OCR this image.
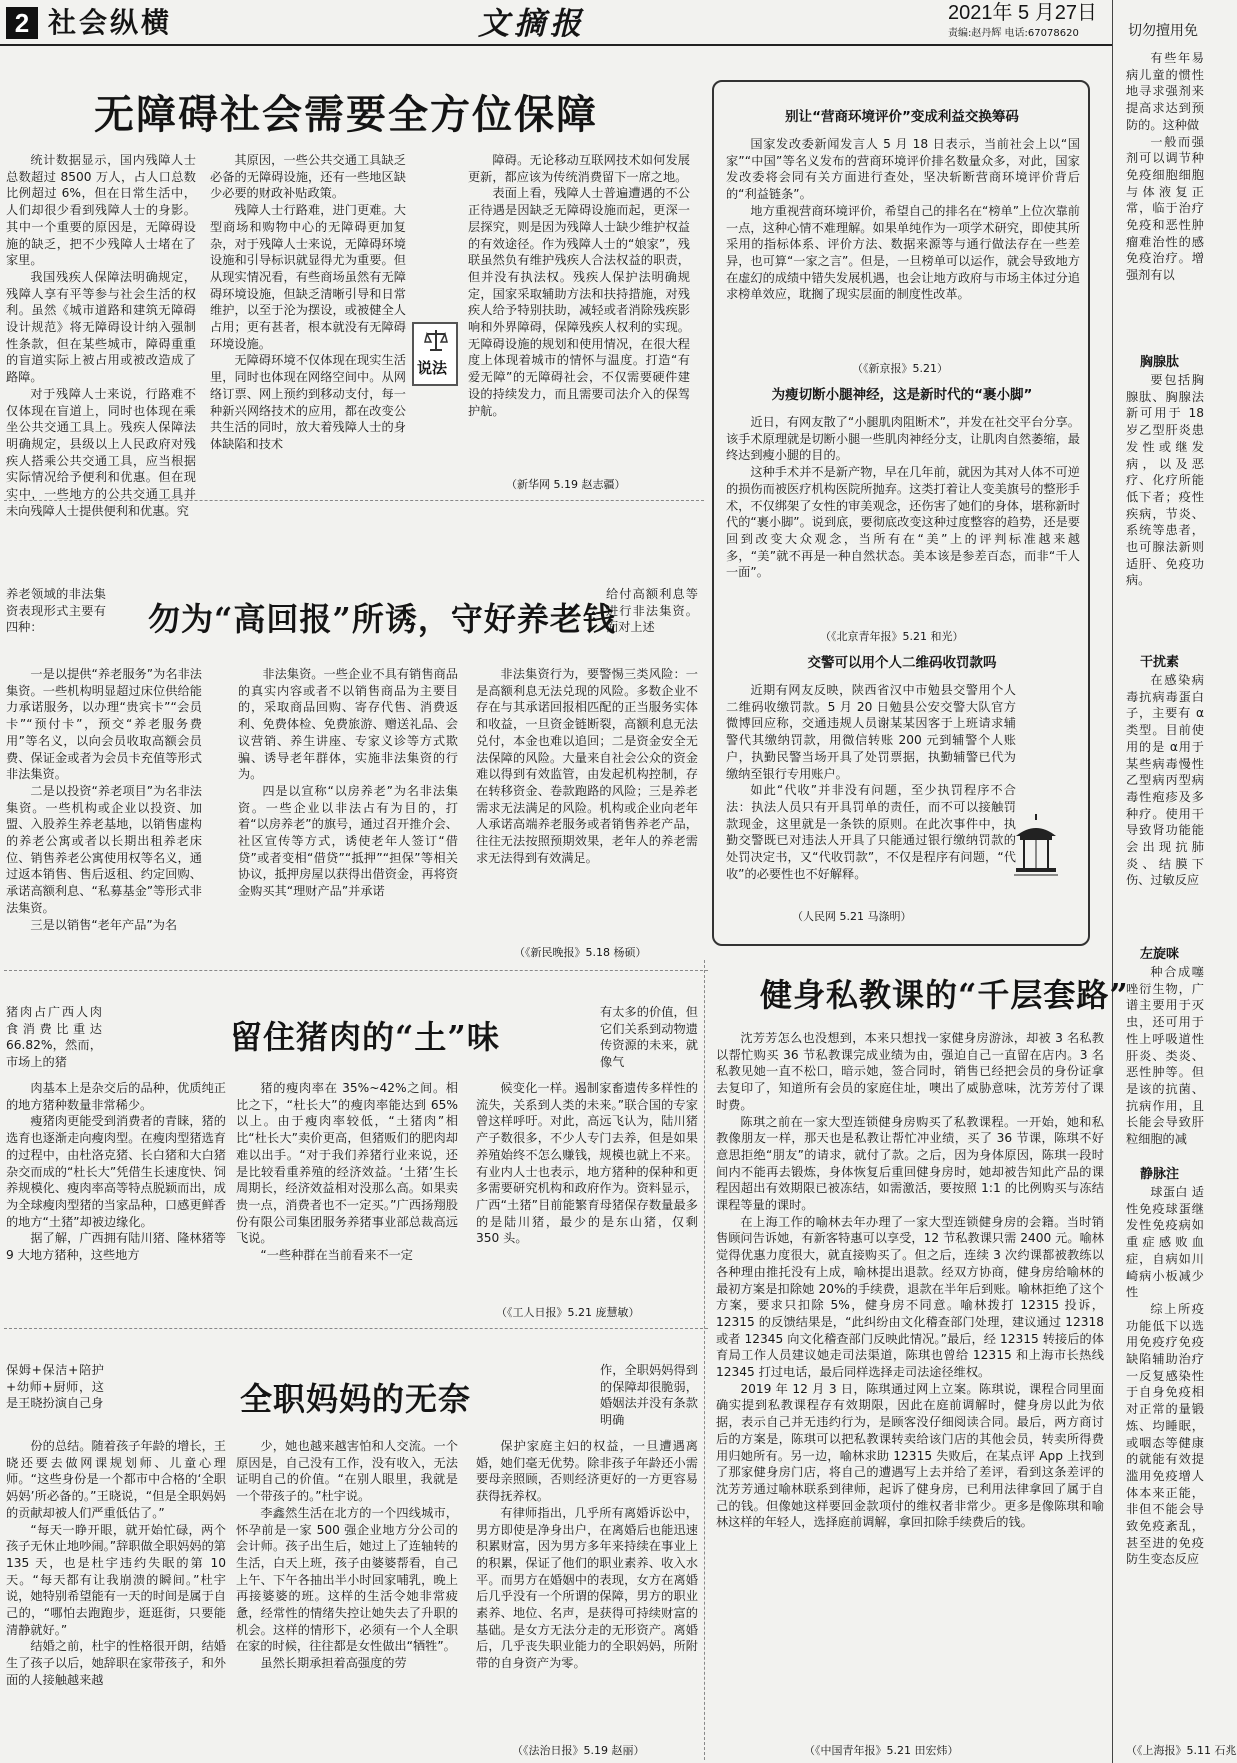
2 社会纵横	文摘报	2021年 5 月27日
责编:赵丹辉 电话:67078620
无障碍社会需要全方位保障

统计数据显示，国内残障人士总数超过 8500 万人，占人口总数比例超过 6%，但在日常生活中，人们却很少看到残障人士的身影。其中一个重要的原因是，无障碍设施的缺乏，把不少残障人士堵在了家里。

我国残疾人保障法明确规定，残障人享有平等参与社会生活的权利。虽然《城市道路和建筑无障碍设计规范》将无障碍设计纳入强制性条款，但在某些城市，障碍重重的盲道实际上被占用或被改造成了路障。

对于残障人士来说，行路难不仅体现在盲道上，同时也体现在乘坐公共交通工具上。残疾人保障法明确规定，县级以上人民政府对残疾人搭乘公共交通工具，应当根据实际情况给予便利和优惠。但在现实中，一些地方的公共交通工具并未向残障人士提供便利和优惠。究

其原因，一些公共交通工具缺乏必备的无障碍设施，还有一些地区缺少必要的财政补贴政策。

残障人士行路难，进门更难。大型商场和购物中心的无障碍更加复杂，对于残障人士来说，无障碍环境设施和引导标识就显得尤为重要。但从现实情况看，有些商场虽然有无障碍环境设施，但缺乏清晰引导和日常维护，以至于沦为摆设，或被健全人占用；更有甚者，根本就没有无障碍环境设施。

无障碍环境不仅体现在现实生活里，同时也体现在网络空间中。从网络订票、网上预约到移动支付，每一种新兴网络技术的应用，都在改变公共生活的同时，放大着残障人士的身体缺陷和技术

障碍。无论移动互联网技术如何发展更新，都应该为传统消费留下一席之地。

表面上看，残障人士普遍遭遇的不公正待遇是因缺乏无障碍设施而起，更深一层探究，则是因为残障人士缺少维护权益的有效途径。作为残障人士的“娘家”，残联虽然负有维护残疾人合法权益的职责，但并没有执法权。残疾人保护法明确规定，国家采取辅助方法和扶持措施，对残疾人给予特别扶助，减轻或者消除残疾影响和外界障碍，保障残疾人权利的实现。无障碍设施的规划和使用情况，在很大程度上体现着城市的情怀与温度。打造“有爱无障”的无障碍社会，不仅需要硬件建设的持续发力，而且需要司法介入的保驾护航。

（新华网 5.19 赵志疆）
说法
养老领域的非法集资表现形式主要有四种：	勿为“高回报”所诱，守好养老钱
给付高额利息等进行非法集资。面对上述

一是以提供“养老服务”为名非法集资。一些机构明显超过床位供给能力承诺服务，以办理“贵宾卡”“会员卡”“预付卡”，预交“养老服务费用”等名义，以向会员收取高额会员费、保证金或者为会员卡充值等形式非法集资。

二是以投资“养老项目”为名非法集资。一些机构或企业以投资、加盟、入股养生养老基地，以销售虚构的养老公寓或者以长期出租养老床位、销售养老公寓使用权等名义，通过返本销售、售后返租、约定回购、承诺高额利息、“私募基金”等形式非法集资。

三是以销售“老年产品”为名

非法集资。一些企业不具有销售商品的真实内容或者不以销售商品为主要目的，采取商品回购、寄存代售、消费返利、免费体检、免费旅游、赠送礼品、会议营销、养生讲座、专家义诊等方式欺骗、诱导老年群体，实施非法集资的行为。

四是以宣称“以房养老”为名非法集资。一些企业以非法占有为目的，打着“以房养老”的旗号，通过召开推介会、社区宣传等方式，诱使老年人签订“借贷”或者变相“借贷”“抵押”“担保”等相关协议，抵押房屋以获得出借资金，再将资金购买其“理财产品”并承诺

非法集资行为，要警惕三类风险：一是高额利息无法兑现的风险。多数企业不存在与其承诺回报相匹配的正当服务实体和收益，一旦资金链断裂，高额利息无法兑付，本金也难以追回；二是资金安全无法保障的风险。大量来自社会公众的资金难以得到有效监管，由发起机构控制，存在转移资金、卷款跑路的风险；三是养老需求无法满足的风险。机构或企业向老年人承诺高端养老服务或者销售养老产品，往往无法按照预期效果，老年人的养老需求无法得到有效满足。

（《新民晚报》5.18 杨硕）
猪肉占广西人肉食消费比重达66.82%，然而，市场上的猪
留住猪肉的“土”味
有太多的价值，但它们关系到动物遗传资源的未来，就像气

肉基本上是杂交后的品种，优质纯正的地方猪种数量非常稀少。

瘦猪肉更能受到消费者的青睐，猪的选育也逐渐走向瘦肉型。在瘦肉型猪选育的过程中，由杜洛克猪、长白猪和大白猪杂交而成的“杜长大”凭借生长速度快、饲养规模化、瘦肉率高等特点脱颖而出，成为全球瘦肉型猪的当家品种，口感更鲜香的地方“土猪”却被边缘化。

据了解，广西拥有陆川猪、隆林猪等 9 大地方猪种，这些地方

猪的瘦肉率在 35%~42%之间。相比之下，“杜长大”的瘦肉率能达到 65%以上。由于瘦肉率较低，“土猪肉”相比“杜长大”卖价更高，但猪贩们的肥肉却难以出手。“对于我们养猪行业来说，还是比较看重养殖的经济效益。‘土猪’生长周期长，经济效益相对没那么高。如果卖贵一点，消费者也不一定买。”广西扬翔股份有限公司集团服务养猪事业部总裁高远飞说。

“一些种群在当前看来不一定

候变化一样。遏制家畜遗传多样性的流失，关系到人类的未来。”联合国的专家曾这样呼吁。对此，高远飞认为，陆川猪产子数很多，不少人专门去养，但是如果养殖始终不怎么赚钱，规模也就上不来。有业内人士也表示，地方猪种的保种和更多需要研究机构和政府作为。资料显示，广西“土猪”目前能繁育母猪保存数量最多的是陆川猪，最少的是东山猪，仅剩 350 头。

（《工人日报》5.21 庞慧敏）
保姆+保洁+陪护+幼师+厨师，这是王晓扮演自己身	全职妈妈的无奈
作，全职妈妈得到的保障却很脆弱，婚姻法并没有条款明确

份的总结。随着孩子年龄的增长，王晓还要去做网课规划师、儿童心理师。“这些身份是一个都市中合格的‘全职妈妈’所必备的。”王晓说，“但是全职妈妈的贡献却被人们严重低估了。”

“每天一睁开眼，就开始忙碌，两个孩子无休止地吵闹。”辞职做全职妈妈的第 135 天，也是杜宇违约失眠的第 10 天。“每天都有让我崩溃的瞬间。”杜宇说，她特别希望能有一天的时间是属于自己的，“哪怕去跑跑步，逛逛街，只要能清静就好。”

结婚之前，杜宇的性格很开朗，结婚生了孩子以后，她辞职在家带孩子，和外面的人接触越来越

少，她也越来越害怕和人交流。一个原因是，自己没有工作，没有收入，无法证明自己的价值。“在别人眼里，我就是一个带孩子的。”杜宇说。

李鑫然生活在北方的一个四线城市，怀孕前是一家 500 强企业地方分公司的会计师。孩子出生后，她过上了连轴转的生活，白天上班，孩子由婆婆帮看，自己上午、下午各抽出半小时回家哺乳，晚上再接婆婆的班。这样的生活令她非常疲惫，经常性的情绪失控让她失去了升职的机会。这样的情形下，必须有一个人全职在家的时候，往往都是女性做出“牺牲”。

虽然长期承担着高强度的劳

保护家庭主妇的权益，一旦遭遇离婚，她们毫无优势。除非孩子年龄还小需要母亲照顾，否则经济更好的一方更容易获得抚养权。

有律师指出，几乎所有离婚诉讼中，男方即使是净身出户，在离婚后也能迅速积累财富，因为男方多年来持续在事业上的积累，保证了他们的职业素养、收入水平。而男方在婚姻中的表现，女方在离婚后几乎没有一个所谓的保障，男方的职业素养、地位、名声，是获得可持续财富的基础。是女方无法分走的无形资产。离婚后，几乎丧失职业能力的全职妈妈，所附带的自身资产为零。

（《法治日报》5.19 赵丽）
别让“营商环境评价”变成利益交换筹码

国家发改委新闻发言人 5 月 18 日表示，当前社会上以“国家”“中国”等名义发布的营商环境评价排名数量众多，对此，国家发改委将会同有关方面进行查处，坚决斩断营商环境评价背后的“利益链条”。

地方重视营商环境评价，希望自己的排名在“榜单”上位次靠前一点，这种心情不难理解。如果单纯作为一项学术研究，即使其所采用的指标体系、评价方法、数据来源等与通行做法存在一些差异，也可算“一家之言”。但是，一旦榜单可以运作，就会导致地方在虚幻的成绩中错失发展机遇，也会让地方政府与市场主体过分追求榜单效应，耽搁了现实层面的制度性改革。

（《新京报》5.21）
为瘦切断小腿神经，这是新时代的“裹小脚”

近日，有网友散了“小腿肌肉阻断术”，并发在社交平台分享。该手术原理就是切断小腿一些肌肉神经分支，让肌肉自然萎缩，最终达到瘦小腿的目的。

这种手术并不是新产物，早在几年前，就因为其对人体不可逆的损伤而被医疗机构医院所抛弃。这类打着让人变美旗号的整形手术，不仅绑架了女性的审美观念，还伤害了她们的身体，堪称新时代的“裹小脚”。说到底，要彻底改变这种过度整容的趋势，还是要回到改变大众观念，当所有在“美”上的评判标准越来越多，“美”就不再是一种自然状态。美本该是参差百态，而非“千人一面”。

（《北京青年报》5.21 和光）
交警可以用个人二维码收罚款吗

近期有网友反映，陕西省汉中市勉县交警用个人二维码收缴罚款。5 月 20 日勉县公安交警大队官方微博回应称，交通违规人员谢某某因客于上班请求辅警代其缴纳罚款，用微信转账 200 元到辅警个人账户，执勤民警当场开具了处罚票据，执勤辅警已代为缴纳至银行专用账户。

如此“代收”并非没有问题，至少执罚程序不合法：执法人员只有开具罚单的责任，而不可以接触罚款现金，这里就是一条铁的原则。在此次事件中，执勤交警既已对违法人开具了只能通过银行缴纳罚款的处罚决定书，又“代收罚款”，不仅是程序有问题，“代收”的必要性也不好解释。

（人民网 5.21 马涤明）
健身私教课的“千层套路”

沈芳芳怎么也没想到，本来只想找一家健身房游泳，却被 3 名私教以帮忙购买 36 节私教课完成业绩为由，强迫自己一直留在店内。3 名私教见她一直不松口，暗示她，签合同时，销售已经把会员的身份证拿去复印了，知道所有会员的家庭住址，噢出了威胁意味，沈芳芳付了课时费。

陈琪之前在一家大型连锁健身房购买了私教课程。一开始，她和私教像朋友一样，那天也是私教让帮忙冲业绩，买了 36 节课，陈琪不好意思拒绝“朋友”的请求，就付了款。之后，因为身体原因，陈琪一段时间内不能再去锻炼，身体恢复后重回健身房时，她却被告知此产品的课程因超出有效期限已被冻结，如需激活，要按照 1:1 的比例购买与冻结课程等量的课时。

在上海工作的喻林去年办理了一家大型连锁健身房的会籍。当时销售顾问告诉她，有新客特惠可以享受，12 节私教课只需 2400 元。喻林觉得优惠力度很大，就直接购买了。但之后，连续 3 次约课都被教练以各种理由推托没有上成，喻林提出退款。经双方协商，健身房给喻林的最初方案是扣除她 20%的手续费，退款在半年后到账。喻林拒绝了这个方案，要求只扣除 5%，健身房不同意。喻林拨打 12315 投诉，12315 的反馈结果是，“此纠纷由文化稽查部门处理，建议通过 12318 或者 12345 向文化稽查部门反映此情况。”最后，经 12315 转接后的体育局工作人员建议她走司法渠道，陈琪也曾给 12315 和上海市长热线 12345 打过电话，最后同样选择走司法途径维权。

2019 年 12 月 3 日，陈琪通过网上立案。陈琪说，课程合同里面确实提到私教课程存有效期限，因此在庭前调解时，健身房以此为依据，表示自己并无违约行为，是顾客没仔细阅读合同。最后，两方商讨后的方案是，陈琪可以把私教课转卖给该门店的其他会员，转卖所得费用归她所有。另一边，喻林求助 12315 失败后，在某点评 App 上找到了那家健身房门店，将自己的遭遇写上去并给了差评，看到这条差评的沈芳芳通过喻林联系到律师，起诉了健身房，已利用法律拿回了属于自己的钱。但像她这样要回金款项付的维权者非常少。更多是像陈琪和喻林这样的年轻人，选择庭前调解，拿回扣除手续费后的钱。

（《中国青年报》5.21 田宏炜）
切勿擅用免

有些年易病儿童的惯性地寻求强剂来提高求达到预防的。这种做

一般而强剂可以调节种免疫细胞细胞与体液复正常，临于治疗免疫和恶性肿瘤难治性的感免疫治疗。增强剂有以

胸腺肽

要包括胸腺肽、胸腺法新可用于 18 岁乙型肝炎患发性或继发病，以及恶疗、化疗所能低下者；疫性疾病，节炎、系统等患者，也可腺法新则适肝、免疫功病。

干扰素

在感染病毒抗病毒蛋白子，主要有 α类型。目前使用的是 α用于某些病毒慢性乙型病丙型病毒性疱疹及多种疗。使用干导致肾功能能会出现抗肺炎、结膜下伤、过敏反应

左旋咪

种合成噻唑衍生物，广谱主要用于灭虫，还可用于性上呼吸道性肝炎、类炎、恶性肿等。但是该的抗菌、抗病作用，且长能会导致肝粒细胞的减

静脉注

球蛋白 适性免疫球蛋继发性免疫病如重症感败血症，自病如川崎病小板减少性

综上所疫功能低下以选用免疫疗免疫缺陷辅助治疗一反复感染性于自身免疫相对正常的量锻炼、均睡眠，或咽态等健康的就能有效提滥用免疫增人体本来正能，非但不能会导致免疫紊乱，甚至进的免疫防生变态反应

（《上海报》5.11 石兆
